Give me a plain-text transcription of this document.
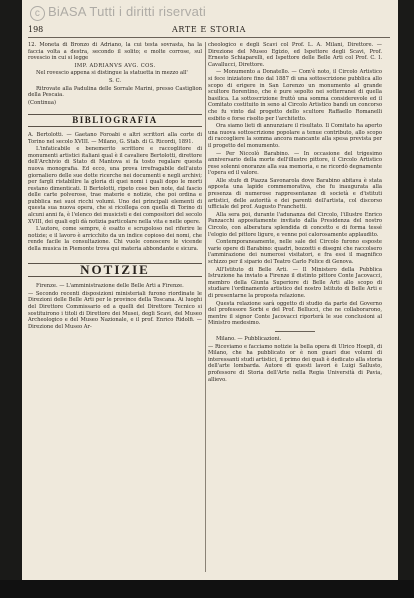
c BiASA Tutti i diritti riservati
198	ARTE E STORIA

12. Moneta di Bronzo di Adriano, la cui testa sovrasta, ha la faccia volta a destra, secondo il solito; e molte corrose, sul rovescio in cui si legge

IMP. ADRIANVS AVG. COS.

Nel rovescio appena si distingue la statuetta in mezzo all'

S. C.

Ritrovate alla Padulina delle Sorrale Marini, presso Castiglion della Pescaia.

(Continua)

BIBLIOGRAFIA

A. Bertolotti. — Gaetano Foroabi e altri scrittori alla corte di Torino nel secolo XVIII. — Milano, G. Stab. di G. Ricordi, 1891.

L'infaticabile e benemerito scrittore e raccoglitore di monumenti artistici italiani qual è il cavaliere Bertolotti, direttore dell'Archivio di Stato di Mantova si fa tosto regalare questa nuova monografia. Ed ecco, una prova irrefragabile dell'aiuto giornaliero delle sue dotte ricerche nei documenti e negli archivi; per fargli ristabilire la gloria di quei nomi i quali dopo le morti restano dimenticati. Il Bertolotti, ripeto cose ben note, dal fascio delle carte polverose, trae materie e notizie, che poi ordina e pubblica nei suoi ricchi volumi. Uno dei principali elementi di questa sua nuova opera, che si ricollega con quella di Torino di alcuni anni fa, è l'elenco dei musicisti e dei compositori del secolo XVIII, dei quali egli dà notizia particolare nella vita e nelle opere.

L'autore, come sempre, è esatto e scrupoloso nel riferire le notizie; e il lavoro è arricchito da un indice copioso dei nomi, che rende facile la consultazione. Chi vuole conoscere le vicende della musica in Piemonte trova qui materia abbondante e sicura.

NOTIZIE

Firenze. — L'amministrazione delle Belle Arti a Firenze.

— Secondo recenti disposizioni ministeriali furono riordinate le Direzioni delle Belle Arti per le province della Toscana. Ai luoghi del Direttore Commissario ed a quelli del Direttore Tecnico si sostituirono i titoli di Direttore dei Musei, degli Scavi, del Museo Archeologico e del Museo Nazionale, e il prof. Enrico Ridolfi. — Direzione del Museo Ar-

cheologico e degli Scavi col Prof. L. A. Milani, Direttore. — Direzione del Museo Egizio, ed Ispettore degli Scavi, Prof. Ernesto Schiaparelli, ed Ispettore delle Belle Arti col Prof. C. I. Cavallucci, Direttore.

— Monumento a Donatello. — Com'è noto, il Circolo Artistico si fece iniziatore fino dal 1887 di una sottoscrizione pubblica allo scopo di erigere in San Lorenzo un monumento al grande scultore fiorentino, che è pure sepolto nei sotterranei di quella basilica. La sottoscrizione fruttò una somma considerevole ed il Comitato costituito in seno al Circolo Artistico bandì un concorso che fu vinto dal progetto dello scultore Raffaello Romanelli esibito e forse risolto per l'architetto.

Ora siamo lieti di annunziare il risultato. Il Comitato ha aperto una nuova sottoscrizione popolare a tenue contributo, allo scopo di raccogliere la somma ancora mancante alla spesa prevista per il progetto del monumento.

— Per Niccolò Barabino. — In occasione del trigesimo anniversario della morte dell'illustre pittore, il Circolo Artistico rese solenni onoranze alla sua memoria, e ne ricordò degnamente l'opera ed il valore.

Alle stufe di Piazza Savonarola dove Barabino abitava è stata apposta una lapide commemorativa, che fu inaugurata alla presenza di numerose rappresentanze di società e d'istituti artistici, delle autorità e dei parenti dell'artista, col discorso ufficiale del prof. Augusto Franchetti.

Alla sera poi, durante l'adunanza del Circolo, l'illustre Enrico Panzacchi appositamente invitato dalla Presidenza del nostro Circolo, con alberatura splendida di concetto e di forma tessé l'elogio del pittore ligure, e venne poi calorosamente applaudito.

Contemporaneamente, nelle sale del Circolo furono esposte varie opere di Barabino: quadri, bozzetti e disegni che raccolsero l'ammirazione dei numerosi visitatori, e fra essi il magnifico schizzo per il sipario del Teatro Carlo Felice di Genova.

All'Istituto di Belle Arti. — Il Ministero della Pubblica Istruzione ha inviato a Firenze il distinto pittore Conte Jacovacci, membro della Giunta Superiore di Belle Arti allo scopo di studiare l'ordinamento artistico del nostro Istituto di Belle Arti e di presentarne la proposta relazione.

Questa relazione sarà oggetto di studio da parte del Governo del professore Sorbi e del Prof. Bellucci, che ne collaborarono, mentre il signor Conte Jacovacci riporterà le sue conclusioni al Ministro medesimo.

Milano. — Pubblicazioni.

— Riceviamo e facciamo notizie la bella opera di Ulrico Hoepli, di Milano, che ha pubblicato or è non guari due volumi di interessanti studi artistici, il primo dei quali è dedicato alla storia dell'arte lombarda. Autore di questi lavori è Luigi Sallusto, professore di Storia dell'Arte nella Regia Università di Pavia, allievo.
